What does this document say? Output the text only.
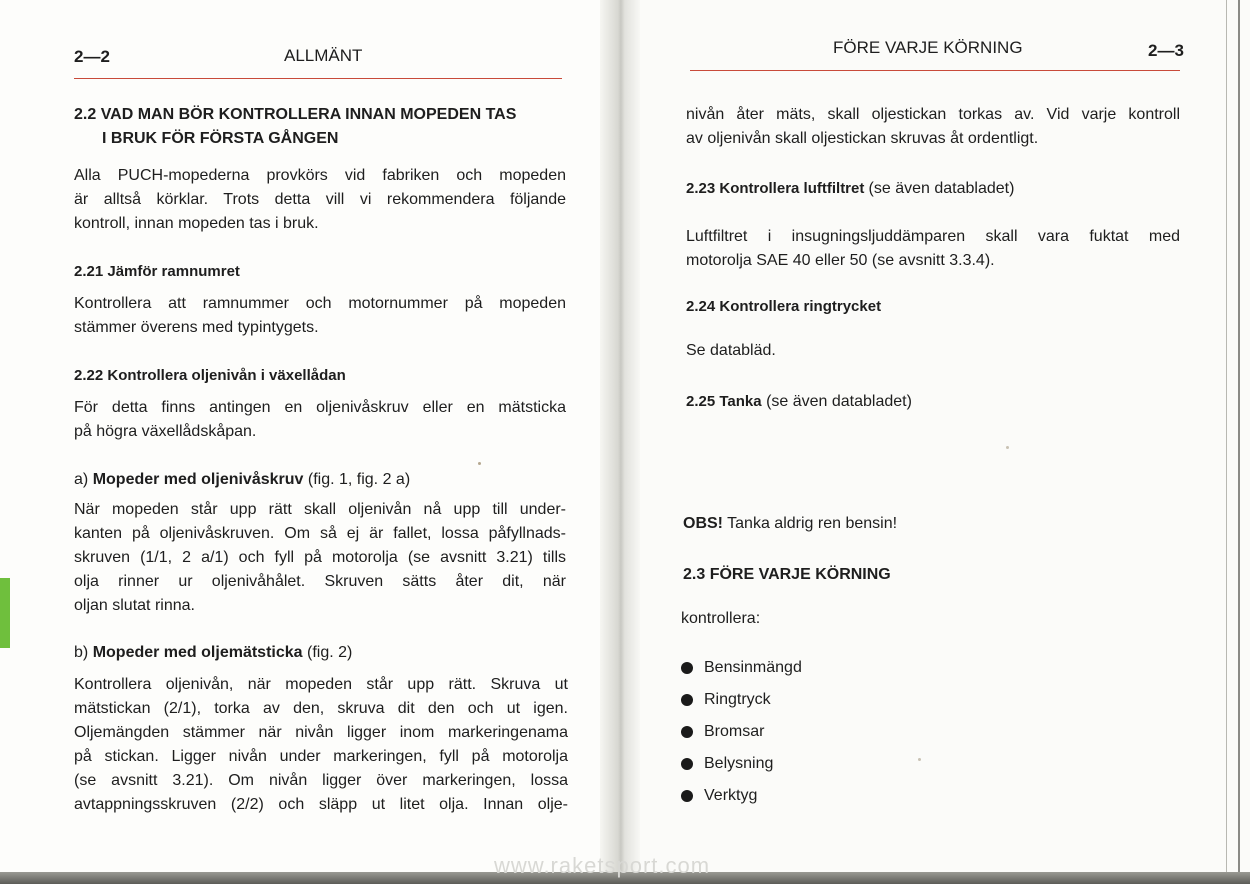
2—2	ALLMÄNT
2.2 VAD MAN BÖR KONTROLLERA INNAN MOPEDEN TAS
I BRUK FÖR FÖRSTA GÅNGEN
Alla PUCH-mopederna provkörs vid fabriken och mopeden
är alltså körklar. Trots detta vill vi rekommendera följande
kontroll, innan mopeden tas i bruk.
2.21 Jämför ramnumret
Kontrollera att ramnummer och motornummer på mopeden
stämmer överens med typintygets.
2.22 Kontrollera oljenivån i växellådan
För detta finns antingen en oljenivåskruv eller en mätsticka
på högra växellådskåpan.
a) Mopeder med oljenivåskruv (fig. 1, fig. 2 a)
När mopeden står upp rätt skall oljenivån nå upp till under-
kanten på oljenivåskruven. Om så ej är fallet, lossa påfyllnads-
skruven (1/1, 2 a/1) och fyll på motorolja (se avsnitt 3.21) tills
olja rinner ur oljenivåhålet. Skruven sätts åter dit, när
oljan slutat rinna.
b) Mopeder med oljemätsticka (fig. 2)
Kontrollera oljenivån, när mopeden står upp rätt. Skruva ut
mätstickan (2/1), torka av den, skruva dit den och ut igen.
Oljemängden stämmer när nivån ligger inom markeringenama
på stickan. Ligger nivån under markeringen, fyll på motorolja
(se avsnitt 3.21). Om nivån ligger över markeringen, lossa
avtappningsskruven (2/2) och släpp ut litet olja. Innan olje-
FÖRE VARJE KÖRNING	2—3
nivån åter mäts, skall oljestickan torkas av. Vid varje kontroll
av oljenivån skall oljestickan skruvas åt ordentligt.
2.23 Kontrollera luftfiltret (se även databladet)
Luftfiltret i insugningsljuddämparen skall vara fuktat med
motorolja SAE 40 eller 50 (se avsnitt 3.3.4).
2.24 Kontrollera ringtrycket
Se databläd.
2.25 Tanka (se även databladet)
OBS! Tanka aldrig ren bensin!
2.3 FÖRE VARJE KÖRNING
kontrollera:
Bensinmängd
Ringtryck
Bromsar
Belysning
Verktyg
www.raketsport.com
